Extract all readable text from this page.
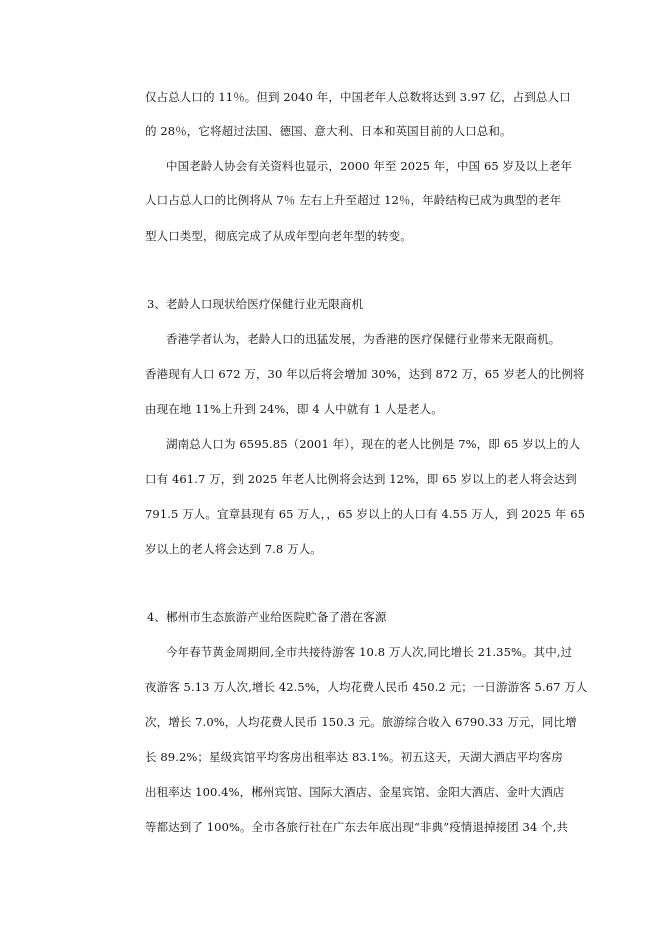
仅占总人口的 11％。但到 2040 年，中国老年人总数将达到 3.97 亿，占到总人口
的 28％，它将超过法国、德国、意大利、日本和英国目前的人口总和。
中国老龄人协会有关资料也显示，2000 年至 2025 年，中国 65 岁及以上老年
人口占总人口的比例将从 7％ 左右上升至超过 12％，年龄结构已成为典型的老年
型人口类型，彻底完成了从成年型向老年型的转变。
3、老龄人口现状给医疗保健行业无限商机
香港学者认为，老龄人口的迅猛发展，为香港的医疗保健行业带来无限商机。
香港现有人口 672 万，30 年以后将会增加 30%，达到 872 万，65 岁老人的比例将
由现在地 11%上升到 24%，即 4 人中就有 1 人是老人。
湖南总人口为 6595.85（2001 年），现在的老人比例是 7%，即 65 岁以上的人
口有 461.7 万，到 2025 年老人比例将会达到 12%，即 65 岁以上的老人将会达到
791.5 万人。宜章县现有 65 万人，，65 岁以上的人口有 4.55 万人，到 2025 年 65
岁以上的老人将会达到 7.8 万人。
4、郴州市生态旅游产业给医院贮备了潜在客源
今年春节黄金周期间,全市共接待游客 10.8 万人次,同比增长 21.35%。其中,过
夜游客 5.13 万人次,增长 42.5%，人均花费人民币 450.2 元；一日游游客 5.67 万人
次，增长 7.0%，人均花费人民币 150.3 元。旅游综合收入 6790.33 万元，同比增
长 89.2%；星级宾馆平均客房出租率达 83.1%。初五这天，天湖大酒店平均客房
出租率达 100.4%，郴州宾馆、国际大酒店、金星宾馆、金阳大酒店、金叶大酒店
等都达到了 100%。全市各旅行社在广东去年底出现“非典”疫情退掉接团 34 个,共
